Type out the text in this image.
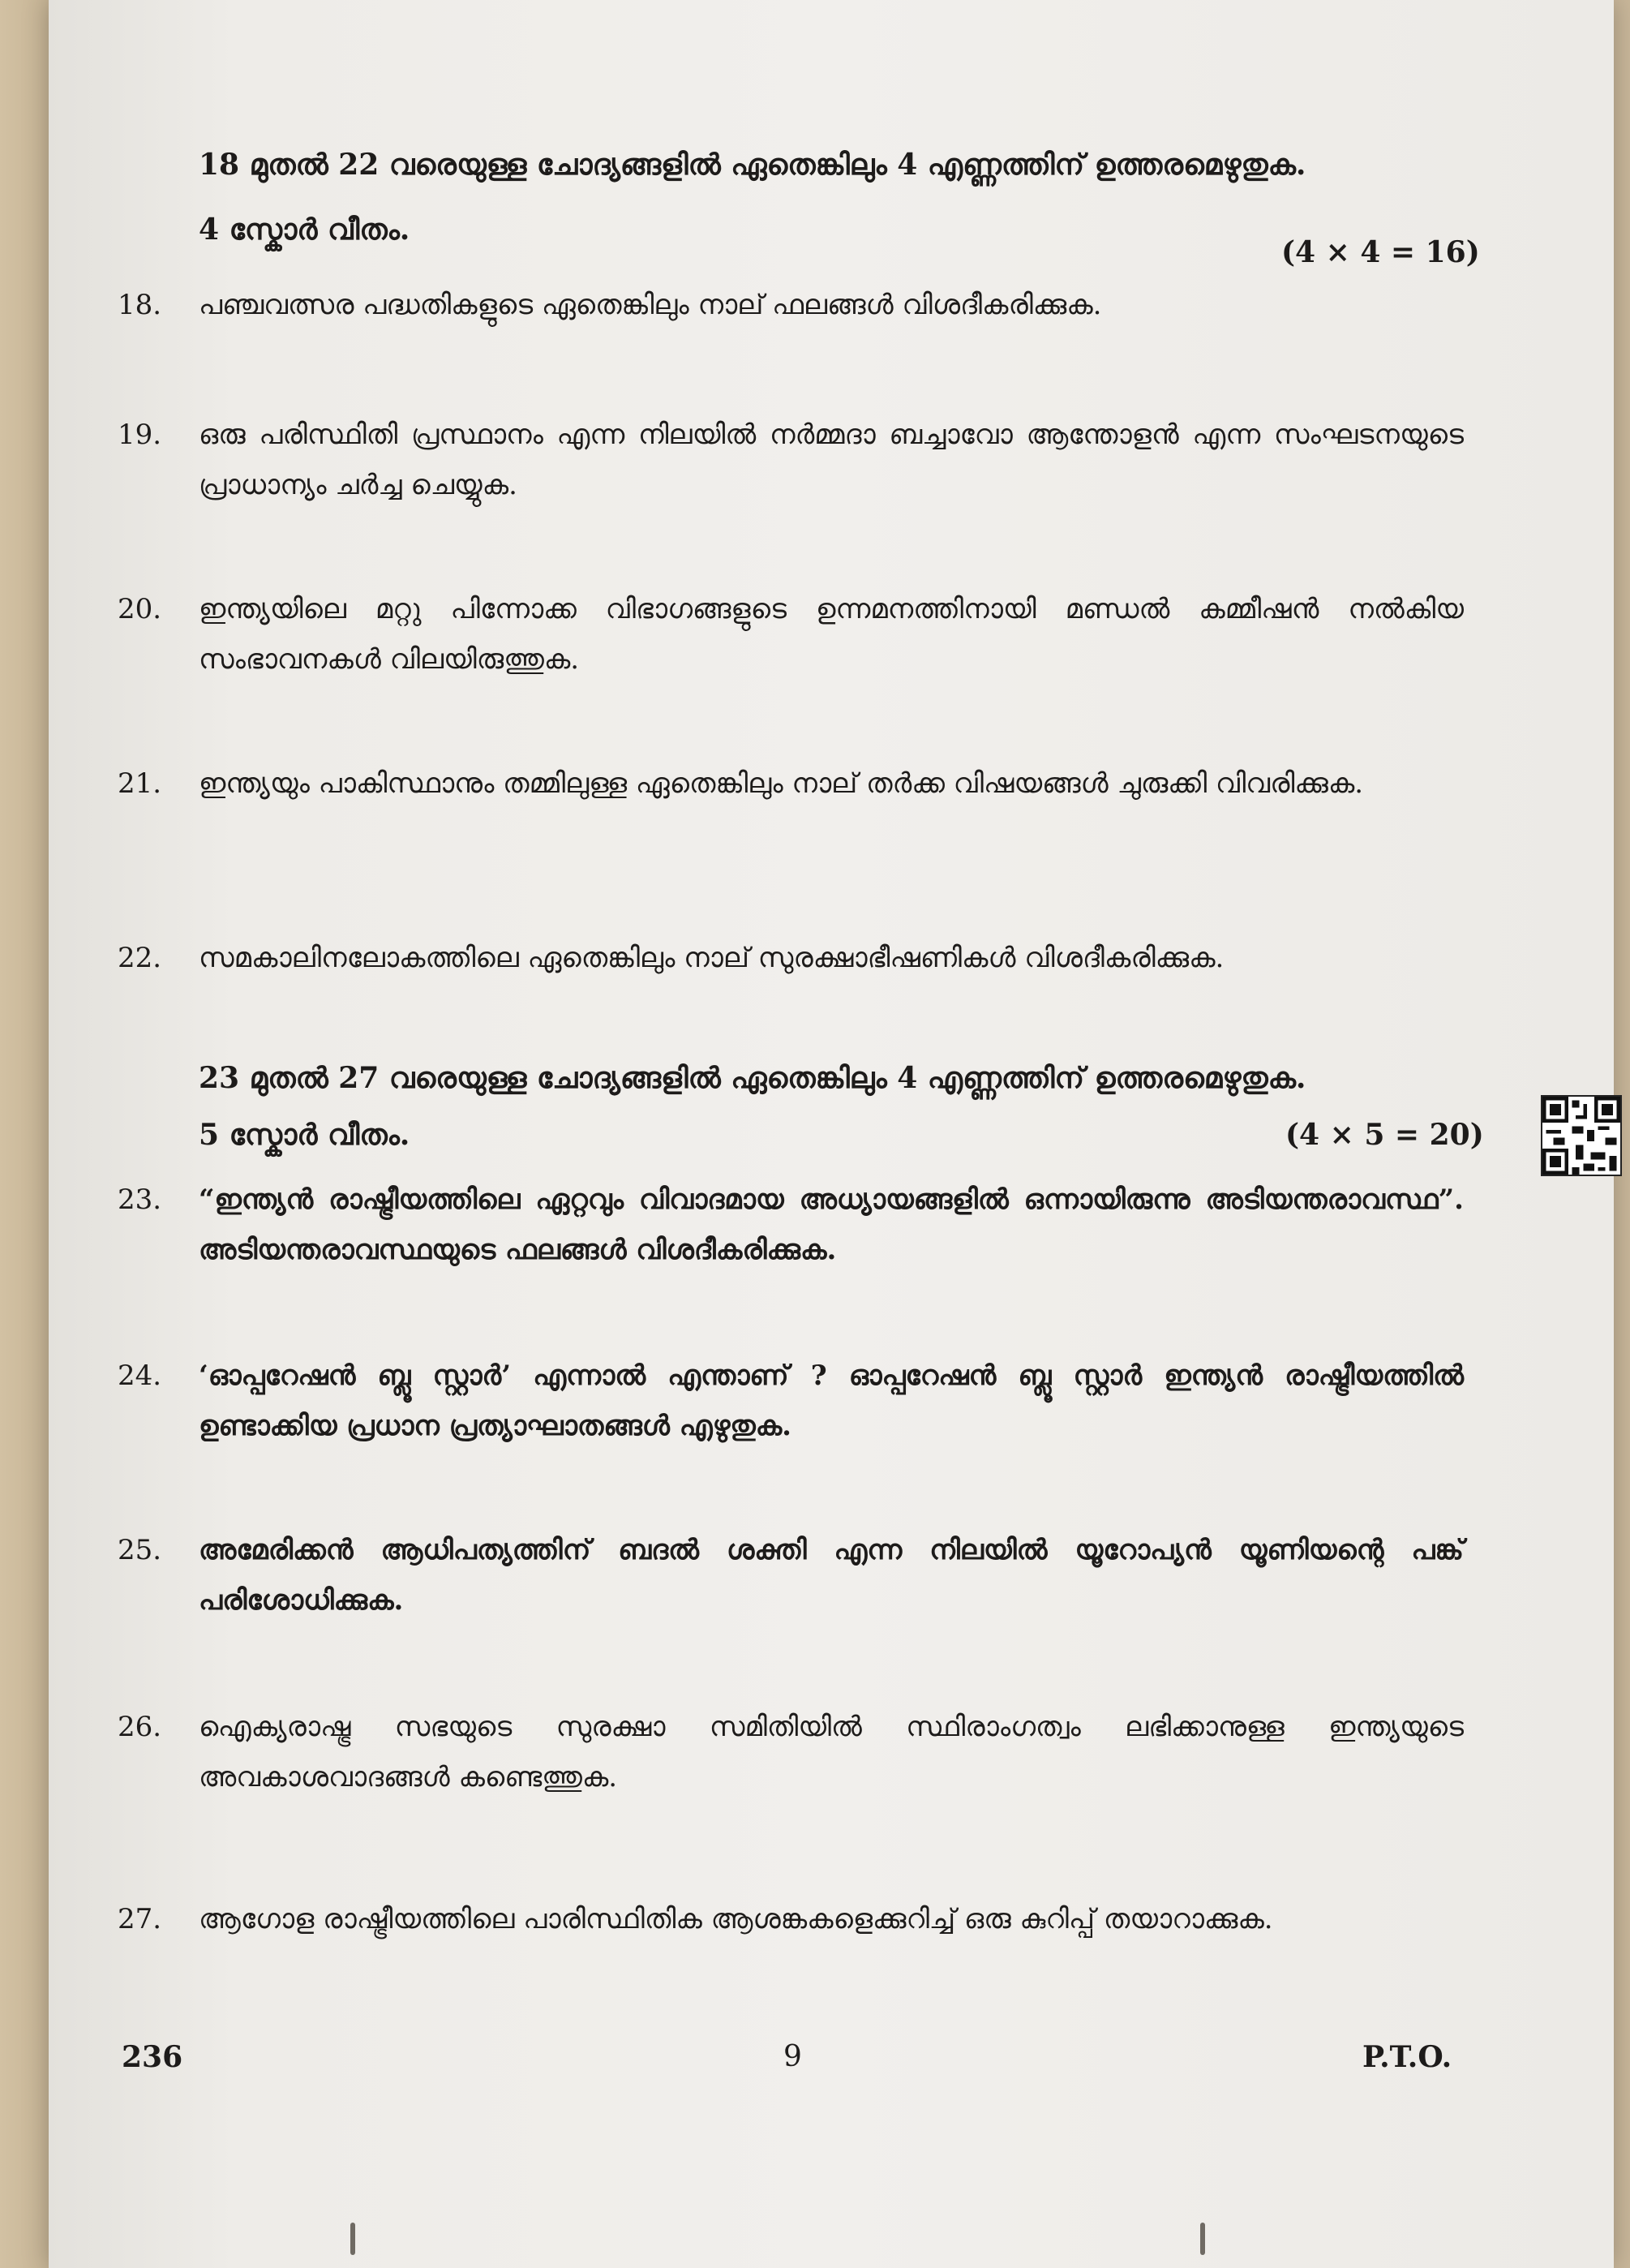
18 മുതൽ 22 വരെയുള്ള ചോദ്യങ്ങളിൽ ഏതെങ്കിലും 4 എണ്ണത്തിന് ഉത്തരമെഴുതുക.
4 സ്കോർ വീതം.
(4 × 4 = 16)
18.	പഞ്ചവത്സര പദ്ധതികളുടെ ഏതെങ്കിലും നാല് ഫലങ്ങൾ വിശദീകരിക്കുക.
19.	ഒരു പരിസ്ഥിതി പ്രസ്ഥാനം എന്ന നിലയിൽ നർമ്മദാ ബച്ചാവോ ആന്തോളൻ എന്ന സംഘടനയുടെ പ്രാധാന്യം ചർച്ച ചെയ്യുക.
20.	ഇന്ത്യയിലെ മറ്റു പിന്നോക്ക വിഭാഗങ്ങളുടെ ഉന്നമനത്തിനായി മണ്ഡൽ കമ്മീഷൻ നൽകിയ സംഭാവനകൾ വിലയിരുത്തുക.
21.	ഇന്ത്യയും പാകിസ്ഥാനും തമ്മിലുള്ള ഏതെങ്കിലും നാല് തർക്ക വിഷയങ്ങൾ ചുരുക്കി വിവരിക്കുക.
22.	സമകാലിനലോകത്തിലെ ഏതെങ്കിലും നാല് സുരക്ഷാഭീഷണികൾ വിശദീകരിക്കുക.
23 മുതൽ 27 വരെയുള്ള ചോദ്യങ്ങളിൽ ഏതെങ്കിലും 4 എണ്ണത്തിന് ഉത്തരമെഴുതുക.
5 സ്കോർ വീതം.	(4 × 5 = 20)
23.	“ഇന്ത്യൻ രാഷ്ട്രീയത്തിലെ ഏറ്റവും വിവാദമായ അധ്യായങ്ങളിൽ ഒന്നായിരുന്നു അടിയന്തരാവസ്ഥ”. അടിയന്തരാവസ്ഥയുടെ ഫലങ്ങൾ വിശദീകരിക്കുക.
24.	‘ഓപ്പറേഷൻ ബ്ലൂ സ്റ്റാർ’ എന്നാൽ എന്താണ് ? ഓപ്പറേഷൻ ബ്ലൂ സ്റ്റാർ ഇന്ത്യൻ രാഷ്ട്രീയത്തിൽ ഉണ്ടാക്കിയ പ്രധാന പ്രത്യാഘാതങ്ങൾ എഴുതുക.
25.	അമേരിക്കൻ ആധിപത്യത്തിന് ബദൽ ശക്തി എന്ന നിലയിൽ യൂറോപ്യൻ യൂണിയന്റെ പങ്ക് പരിശോധിക്കുക.
26.	ഐക്യരാഷ്ട്ര സഭയുടെ സുരക്ഷാ സമിതിയിൽ സ്ഥിരാംഗത്വം ലഭിക്കാനുള്ള ഇന്ത്യയുടെ അവകാശവാദങ്ങൾ കണ്ടെത്തുക.
27.	ആഗോള രാഷ്ട്രീയത്തിലെ പാരിസ്ഥിതിക ആശങ്കകളെക്കുറിച്ച് ഒരു കുറിപ്പ് തയാറാക്കുക.
236	9	P.T.O.
